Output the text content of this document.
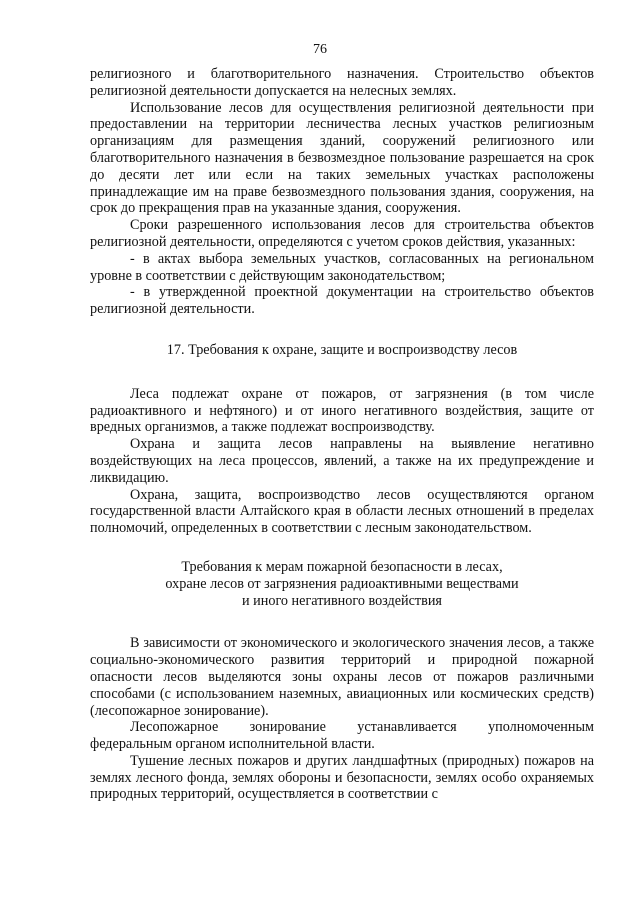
76

религиозного и благотворительного назначения. Строительство объектов религиозной деятельности допускается на нелесных землях.

Использование лесов для осуществления религиозной деятельности при предоставлении на территории лесничества лесных участков религиозным организациям для размещения зданий, сооружений религиозного или благотворительного назначения в безвозмездное пользование разрешается на срок до десяти лет или если на таких земельных участках расположены принадлежащие им на праве безвозмездного пользования здания, сооружения, на срок до прекращения прав на указанные здания, сооружения.

Сроки разрешенного использования лесов для строительства объектов религиозной деятельности, определяются с учетом сроков действия, указанных:

- в актах выбора земельных участков, согласованных на региональном уровне в соответствии с действующим законодательством;

- в утвержденной проектной документации на строительство объектов религиозной деятельности.

17. Требования к охране, защите и воспроизводству лесов

Леса подлежат охране от пожаров, от загрязнения (в том числе радиоактивного и нефтяного) и от иного негативного воздействия, защите от вредных организмов, а также подлежат воспроизводству.

Охрана и защита лесов направлены на выявление негативно воздействующих на леса процессов, явлений, а также на их предупреждение и ликвидацию.

Охрана, защита, воспроизводство лесов осуществляются органом государственной власти Алтайского края в области лесных отношений в пределах полномочий, определенных в соответствии с лесным законодательством.

Требования к мерам пожарной безопасности в лесах,
охране лесов от загрязнения радиоактивными веществами
и иного негативного воздействия

В зависимости от экономического и экологического значения лесов, а также социально-экономического развития территорий и природной пожарной опасности лесов выделяются зоны охраны лесов от пожаров различными способами (с использованием наземных, авиационных или космических средств) (лесопожарное зонирование).

Лесопожарное зонирование устанавливается уполномоченным федеральным органом исполнительной власти.

Тушение лесных пожаров и других ландшафтных (природных) пожаров на землях лесного фонда, землях обороны и безопасности, землях особо охраняемых природных территорий, осуществляется в соответствии с
